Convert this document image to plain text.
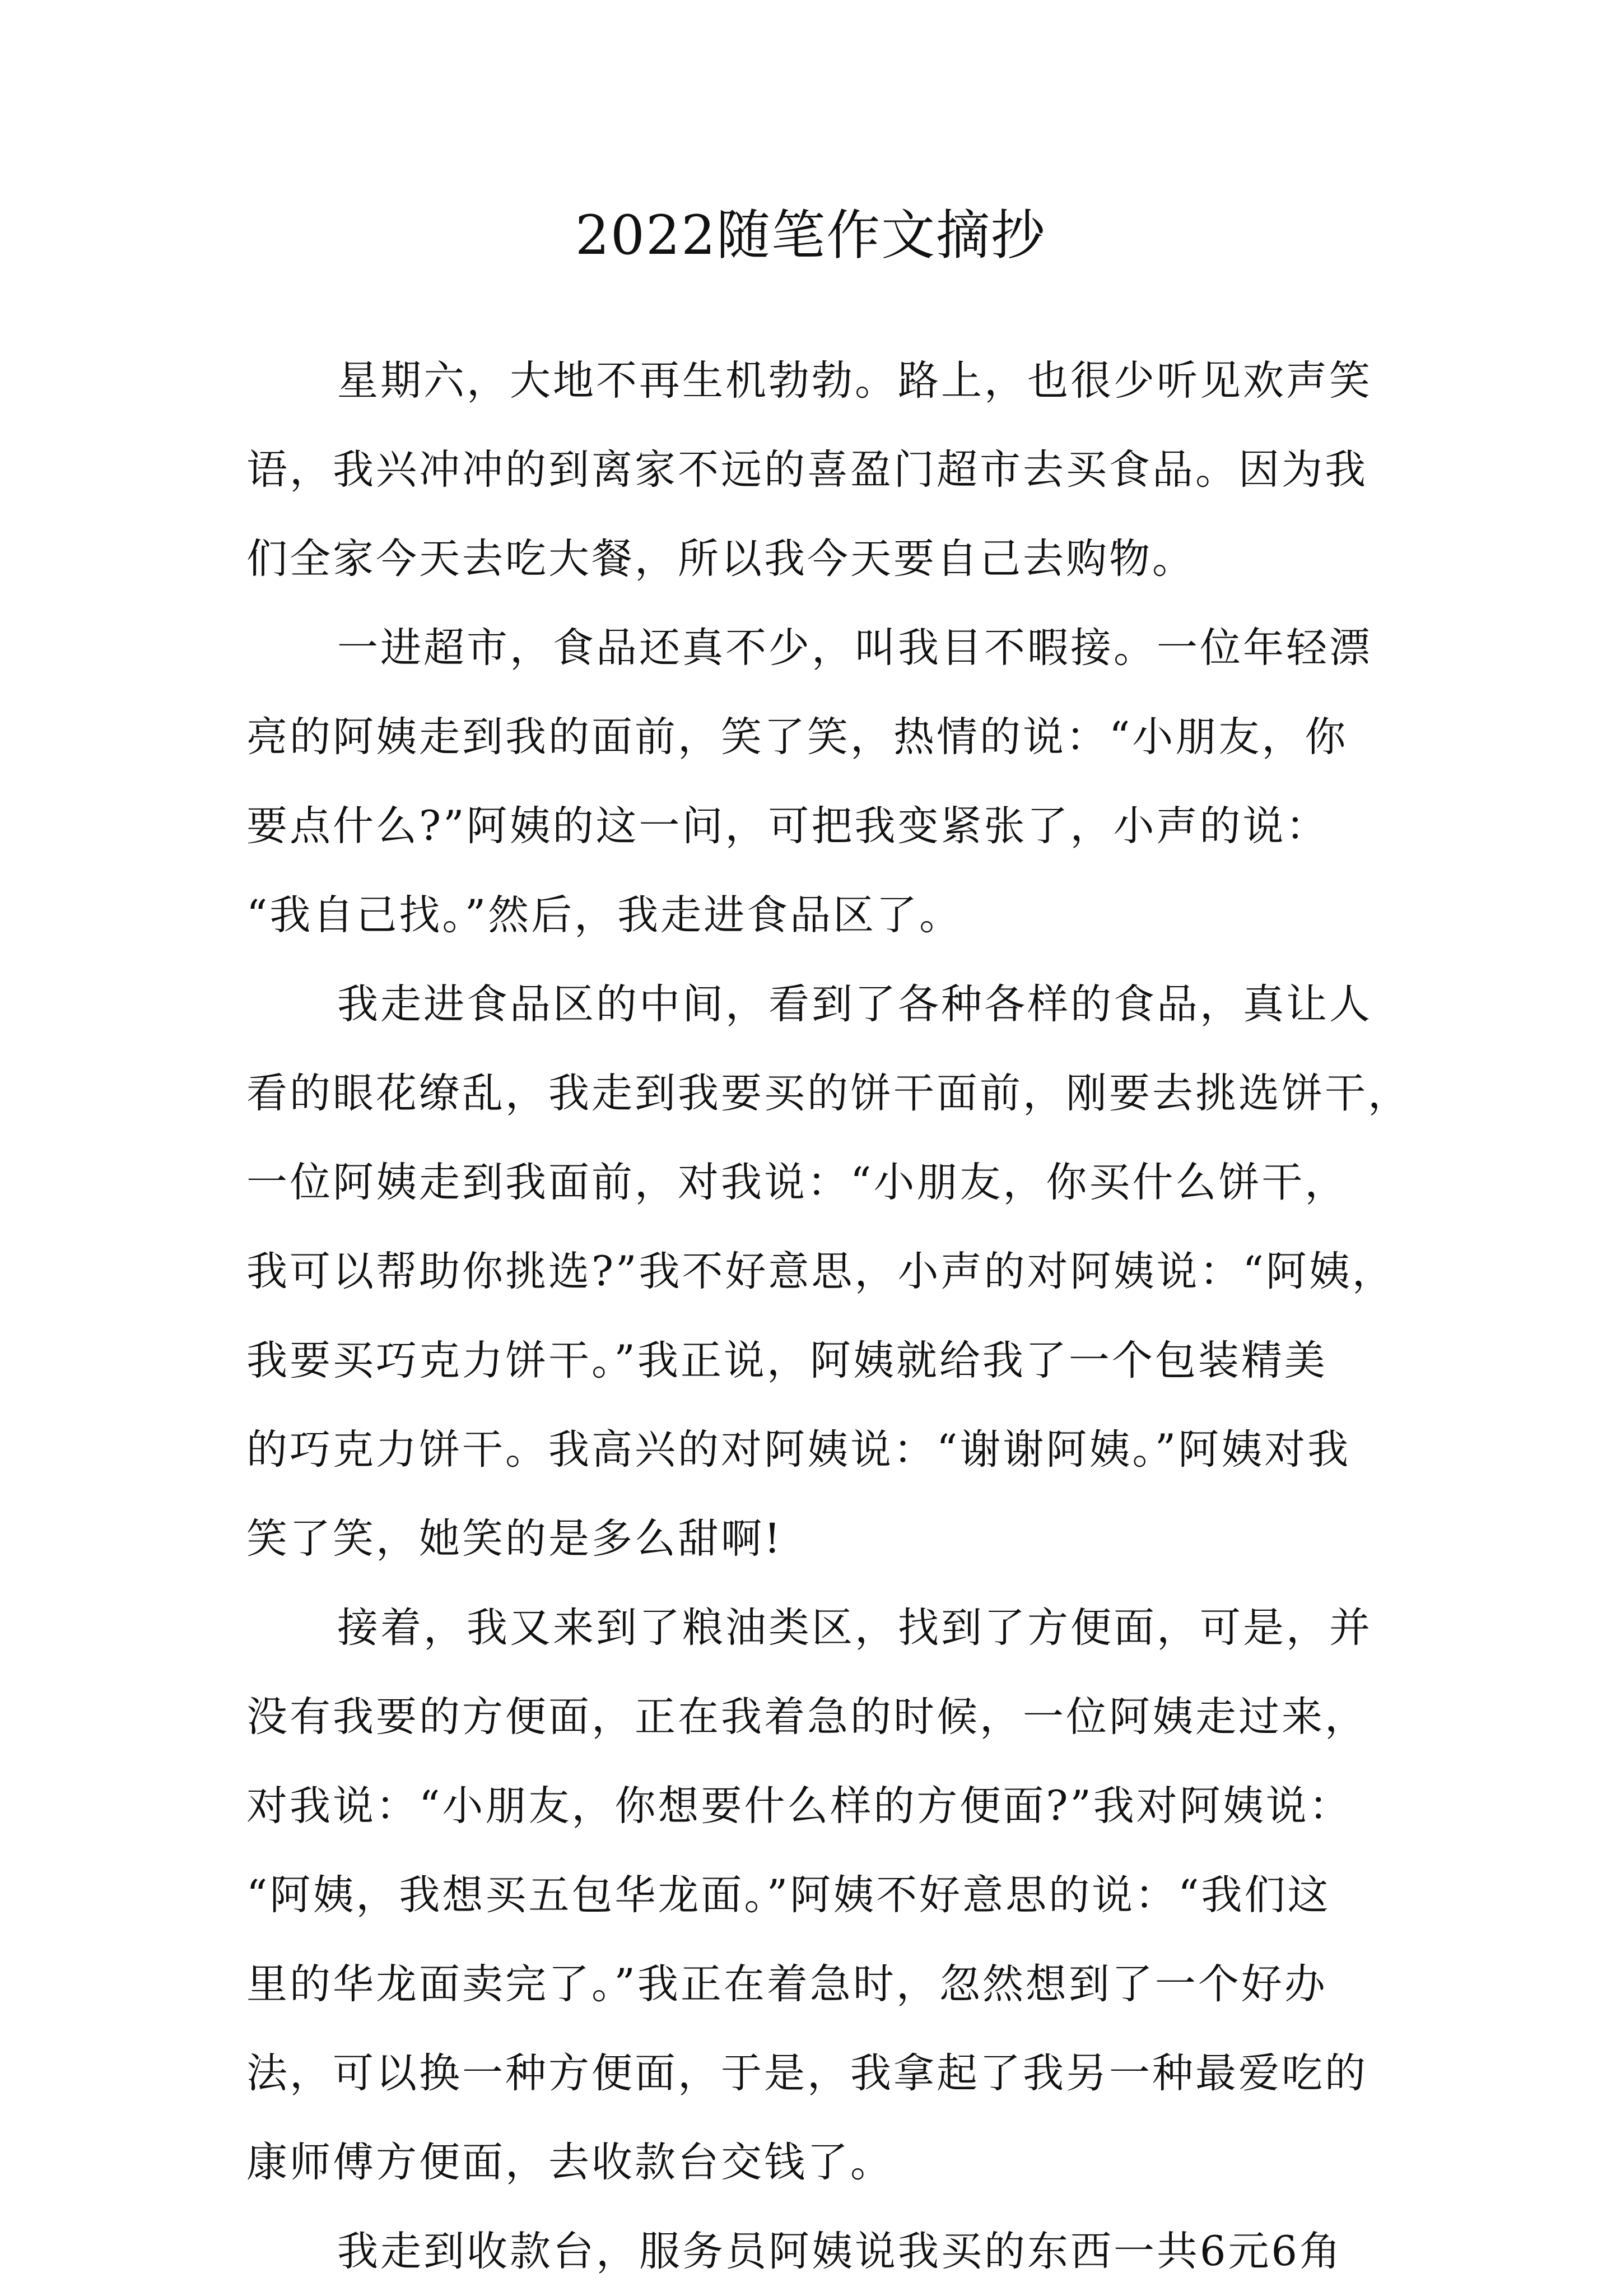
2022随笔作文摘抄
星期六，大地不再生机勃勃。路上，也很少听见欢声笑
语，我兴冲冲的到离家不远的喜盈门超市去买食品。因为我
们全家今天去吃大餐，所以我今天要自己去购物。
一进超市，食品还真不少，叫我目不暇接。一位年轻漂
亮的阿姨走到我的面前，笑了笑，热情的说：“小朋友，你
要点什么?”阿姨的这一问，可把我变紧张了，小声的说：
“我自己找。”然后，我走进食品区了。
我走进食品区的中间，看到了各种各样的食品，真让人
看的眼花缭乱，我走到我要买的饼干面前，刚要去挑选饼干，
一位阿姨走到我面前，对我说：“小朋友，你买什么饼干，
我可以帮助你挑选?”我不好意思，小声的对阿姨说：“阿姨，
我要买巧克力饼干。”我正说，阿姨就给我了一个包装精美
的巧克力饼干。我高兴的对阿姨说：“谢谢阿姨。”阿姨对我
笑了笑，她笑的是多么甜啊!
接着，我又来到了粮油类区，找到了方便面，可是，并
没有我要的方便面，正在我着急的时候，一位阿姨走过来，
对我说：“小朋友，你想要什么样的方便面?”我对阿姨说：
“阿姨，我想买五包华龙面。”阿姨不好意思的说：“我们这
里的华龙面卖完了。”我正在着急时，忽然想到了一个好办
法，可以换一种方便面，于是，我拿起了我另一种最爱吃的
康师傅方便面，去收款台交钱了。
我走到收款台，服务员阿姨说我买的东西一共6元6角
